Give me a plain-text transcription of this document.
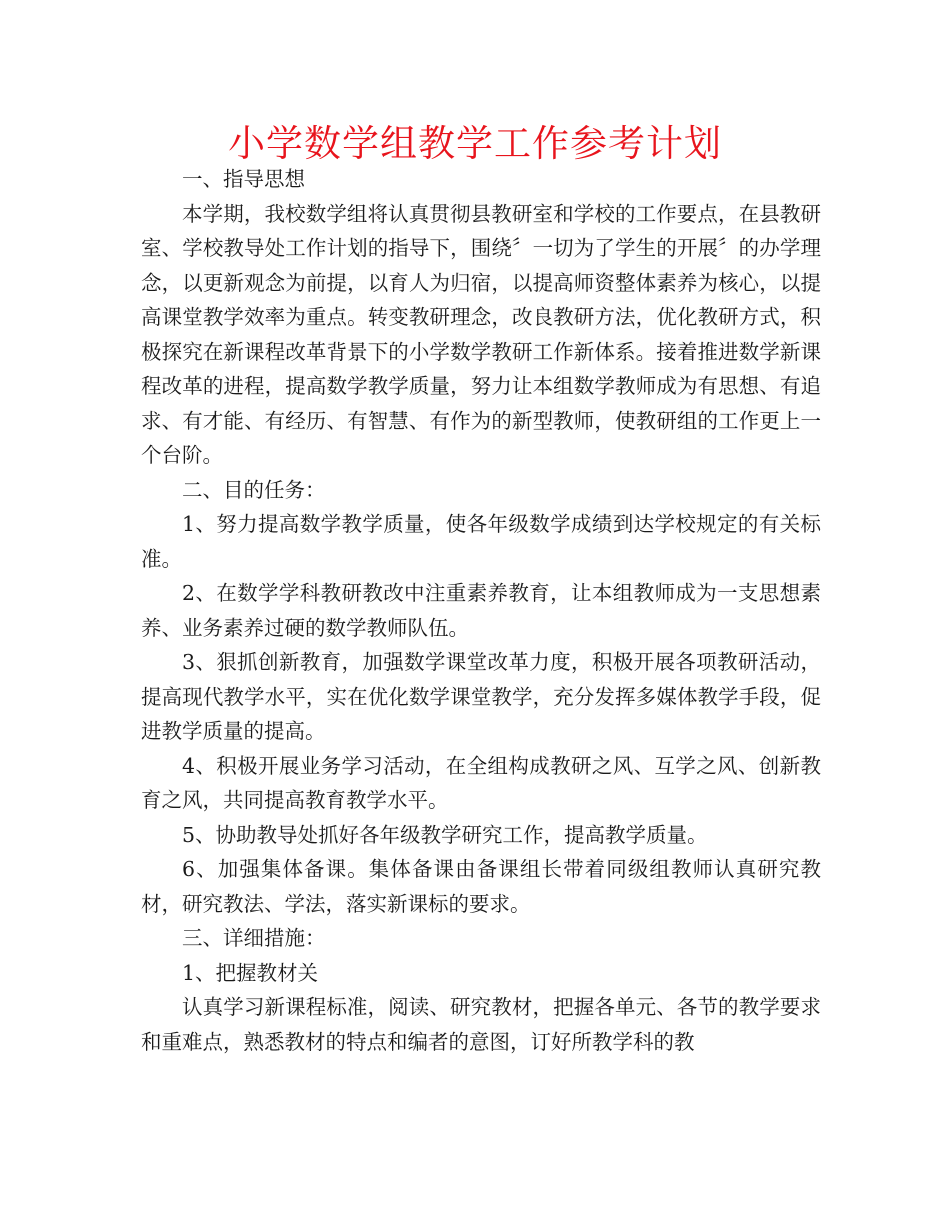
小学数学组教学工作参考计划

一、指导思想

本学期，我校数学组将认真贯彻县教研室和学校的工作要点，在县教研室、学校教导处工作计划的指导下，围绕〞一切为了学生的开展〞的办学理念，以更新观念为前提，以育人为归宿，以提高师资整体素养为核心，以提高课堂教学效率为重点。转变教研理念，改良教研方法，优化教研方式，积极探究在新课程改革背景下的小学数学教研工作新体系。接着推进数学新课程改革的进程，提高数学教学质量，努力让本组数学教师成为有思想、有追求、有才能、有经历、有智慧、有作为的新型教师，使教研组的工作更上一个台阶。

二、目的任务：

1、努力提高数学教学质量，使各年级数学成绩到达学校规定的有关标准。

2、在数学学科教研教改中注重素养教育，让本组教师成为一支思想素养、业务素养过硬的数学教师队伍。

3、狠抓创新教育，加强数学课堂改革力度，积极开展各项教研活动，提高现代教学水平，实在优化数学课堂教学，充分发挥多媒体教学手段，促进教学质量的提高。

4、积极开展业务学习活动，在全组构成教研之风、互学之风、创新教育之风，共同提高教育教学水平。

5、协助教导处抓好各年级教学研究工作，提高教学质量。

6、加强集体备课。集体备课由备课组长带着同级组教师认真研究教材，研究教法、学法，落实新课标的要求。

三、详细措施：

1、把握教材关

认真学习新课程标准，阅读、研究教材，把握各单元、各节的教学要求和重难点，熟悉教材的特点和编者的意图，订好所教学科的教
